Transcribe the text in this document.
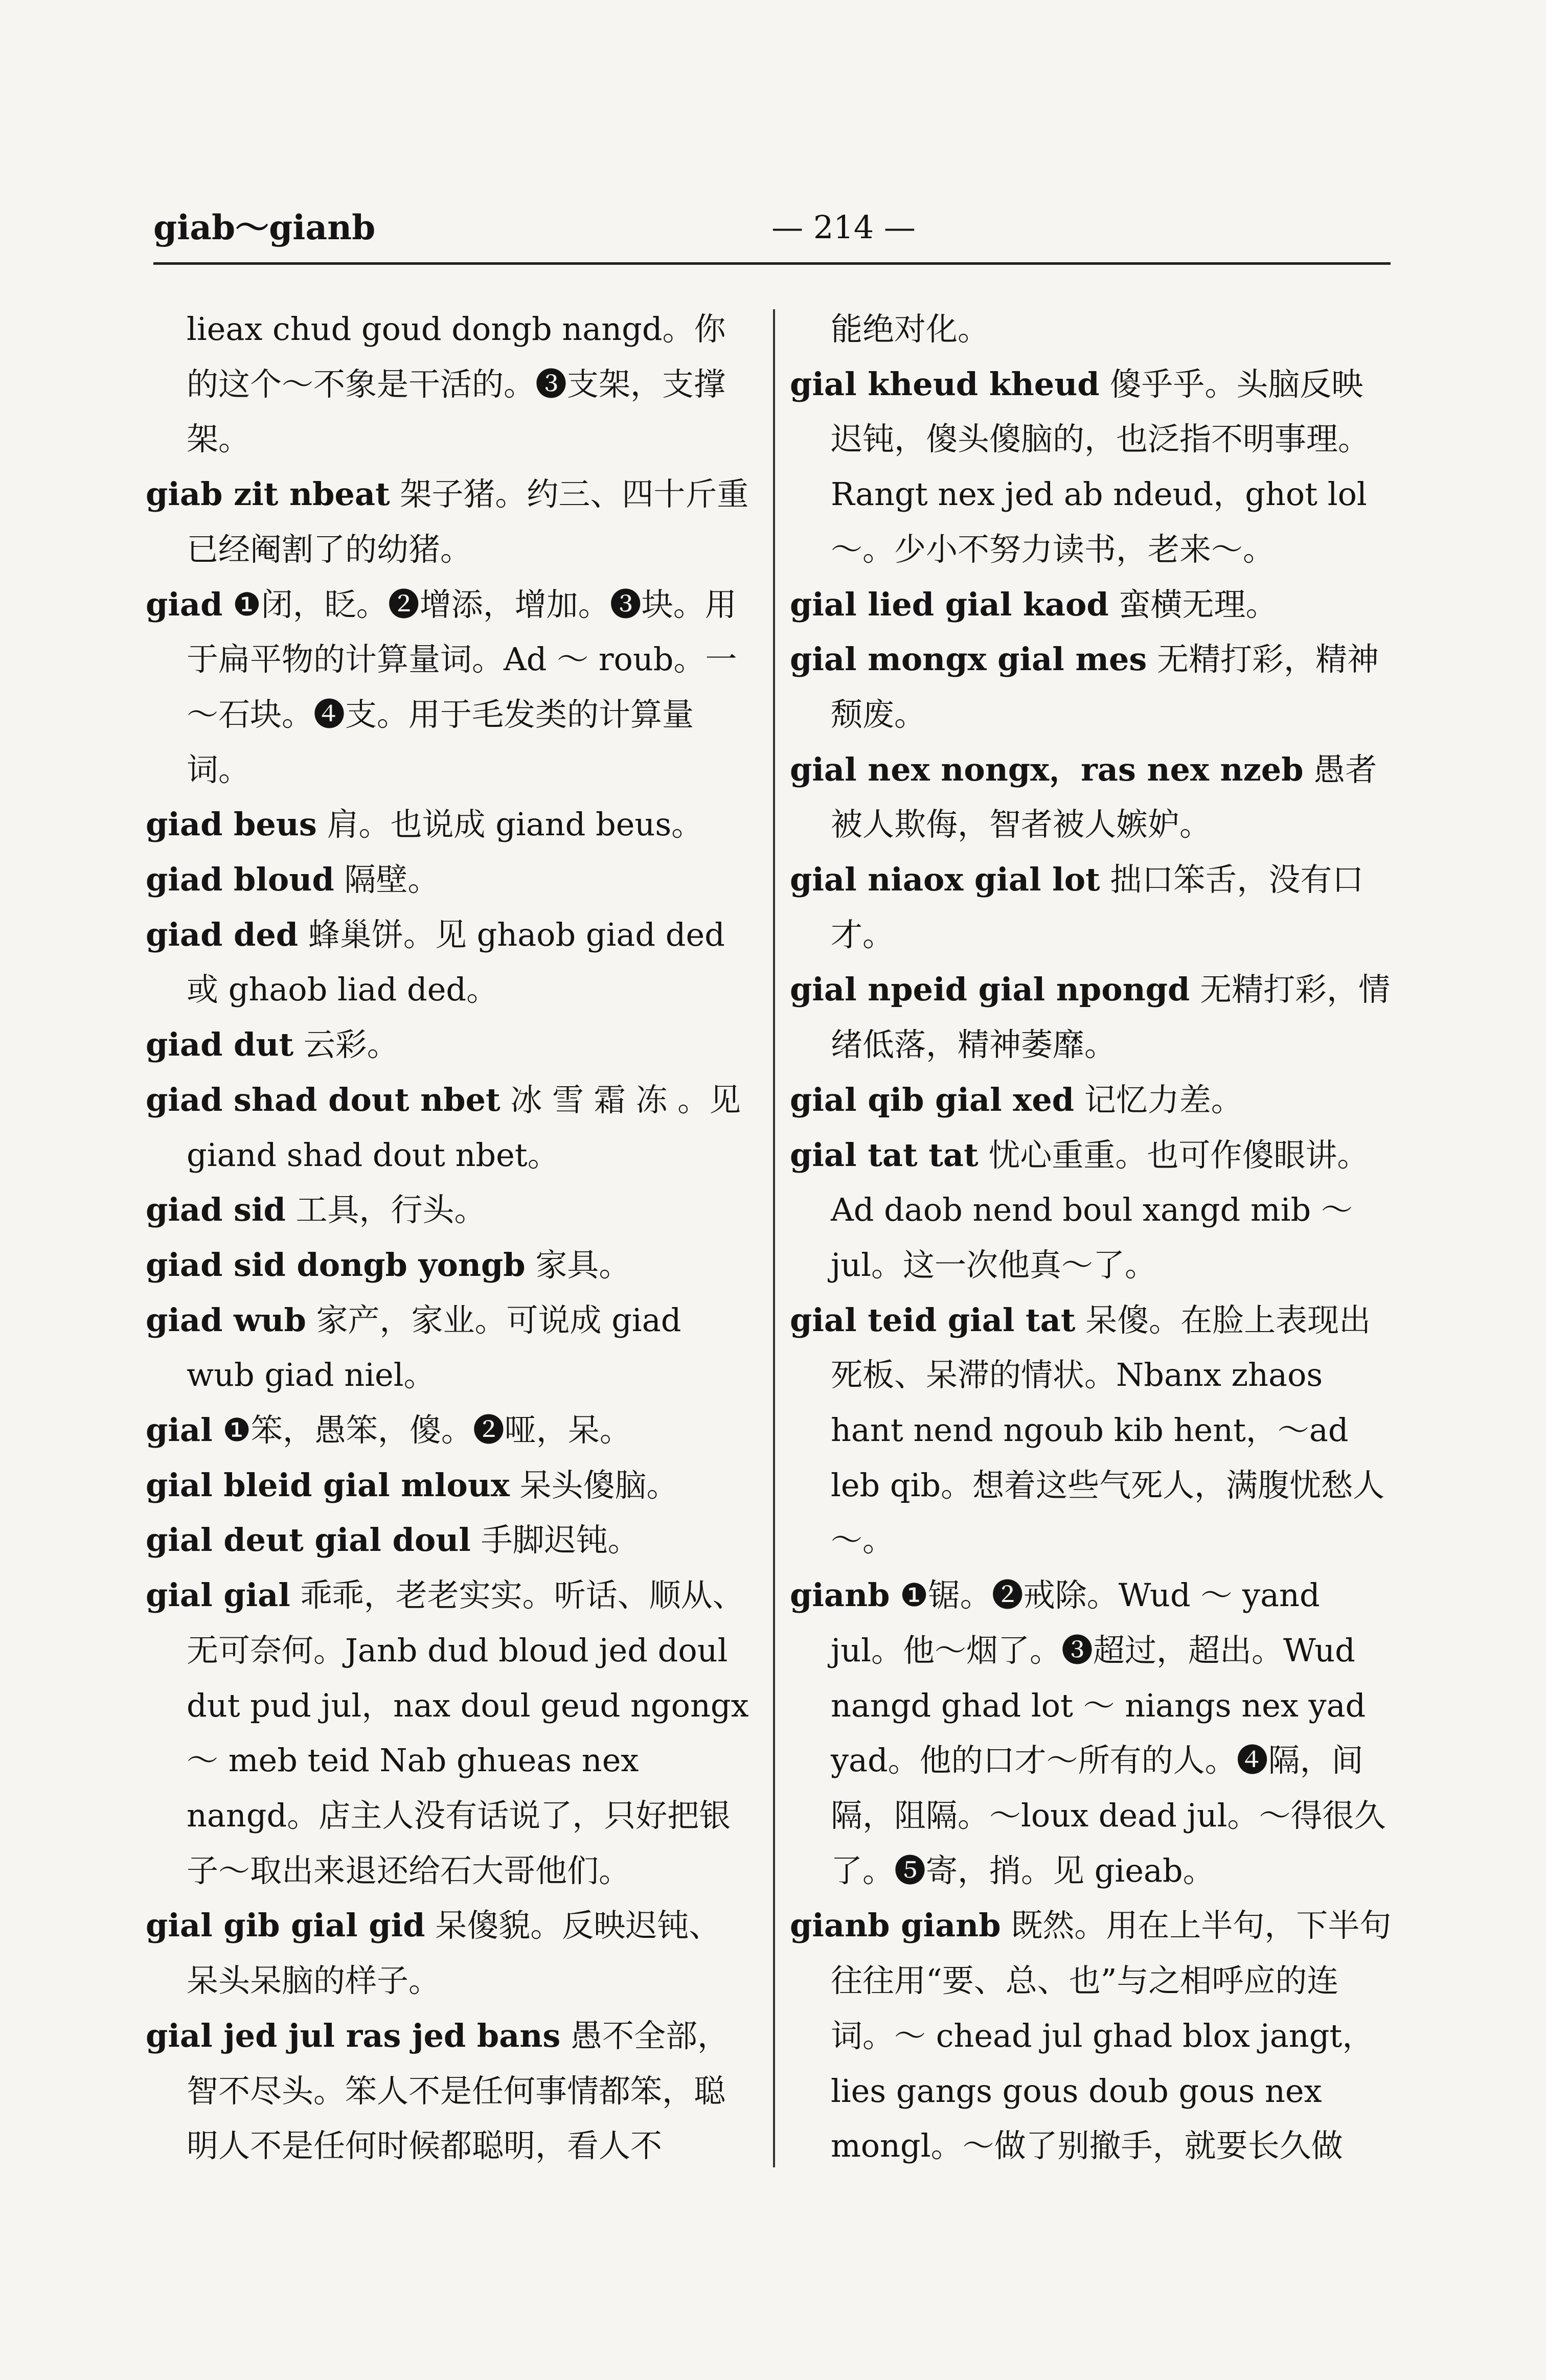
giab～gianb	— 214 —

lieax chud goud dongb nangd。你的这个～不象是干活的。❸支架，支撑架。

giab zit nbeat 架子猪。约三、四十斤重已经阉割了的幼猪。

giad ❶闭，眨。❷增添，增加。❸块。用于扁平物的计算量词。Ad ～ roub。一～石块。❹支。用于毛发类的计算量词。

giad beus 肩。也说成 giand beus。

giad bloud 隔壁。

giad ded 蜂巢饼。见 ghaob giad ded 或 ghaob liad ded。

giad dut 云彩。

giad shad dout nbet 冰 雪 霜 冻 。见 giand shad dout nbet。

giad sid 工具，行头。

giad sid dongb yongb 家具。

giad wub 家产，家业。可说成 giad wub giad niel。

gial ❶笨，愚笨，傻。❷哑，呆。

gial bleid gial mloux 呆头傻脑。

gial deut gial doul 手脚迟钝。

gial gial 乖乖，老老实实。听话、顺从、无可奈何。Janb dud bloud jed doul dut pud jul，nax doul geud ngongx ～ meb teid Nab ghueas nex nangd。店主人没有话说了，只好把银子～取出来退还给石大哥他们。

gial gib gial gid 呆傻貌。反映迟钝、呆头呆脑的样子。

gial jed jul ras jed bans 愚不全部，智不尽头。笨人不是任何事情都笨，聪明人不是任何时候都聪明，看人不

能绝对化。

gial kheud kheud 傻乎乎。头脑反映迟钝，傻头傻脑的，也泛指不明事理。Rangt nex jed ab ndeud，ghot lol ～。少小不努力读书，老来～。

gial lied gial kaod 蛮横无理。

gial mongx gial mes 无精打彩，精神颓废。

gial nex nongx，ras nex nzeb 愚者被人欺侮，智者被人嫉妒。

gial niaox gial lot 拙口笨舌，没有口才。

gial npeid gial npongd 无精打彩，情绪低落，精神萎靡。

gial qib gial xed 记忆力差。

gial tat tat 忧心重重。也可作傻眼讲。Ad daob nend boul xangd mib ～ jul。这一次他真～了。

gial teid gial tat 呆傻。在脸上表现出死板、呆滞的情状。Nbanx zhaos hant nend ngoub kib hent，～ad leb qib。想着这些气死人，满腹忧愁人～。

gianb ❶锯。❷戒除。Wud ～ yand jul。他～烟了。❸超过，超出。Wud nangd ghad lot ～ niangs nex yad yad。他的口才～所有的人。❹隔，间隔，阻隔。～loux dead jul。～得很久了。❺寄，捎。见 gieab。

gianb gianb 既然。用在上半句，下半句往往用“要、总、也”与之相呼应的连词。～ chead jul ghad blox jangt，lies gangs gous doub gous nex mongl。～做了别撤手，就要长久做
